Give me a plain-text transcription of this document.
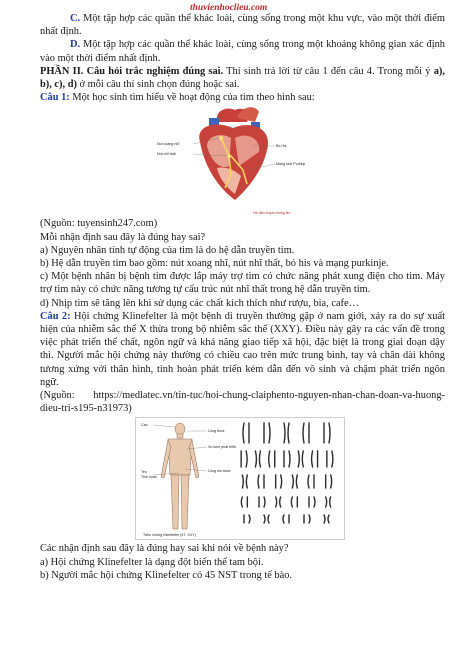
thuvienhoclieu.com

C. Một tập hợp các quần thể khác loài, cùng sống trong một khu vực, vào một thời điểm nhất định.

D. Một tập hợp các quần thể khác loài, cùng sống trong một khoảng không gian xác định vào một thời điểm nhất định.

PHẦN II. Câu hỏi trắc nghiệm đúng sai. Thí sinh trả lời từ câu 1 đến câu 4. Trong mỗi ý a), b), c), d) ở mỗi câu thí sinh chọn đúng hoặc sai.

Câu 1: Một học sinh tìm hiểu về hoạt động của tim theo hình sau:

Nút xoang nhĩ
Nút nhĩ thất
Bó His
Mạng lưới Purkinje
Hệ dẫn truyền trong tim

(Nguồn: tuyensinh247.com)

Mỗi nhận định sau đây là đúng hay sai?

a) Nguyên nhân tính tự động của tim là do hệ dẫn truyền tim.

b) Hệ dẫn truyền tim bao gồm: nút xoang nhĩ, nút nhĩ thất, bó his và mạng purkinje.

c) Một bệnh nhân bị bệnh tim được lắp máy trợ tim có chức năng phát xung điện cho tim. Máy trợ tim này có chức năng tương tự cấu trúc nút nhĩ thất trong hệ dẫn truyền tim.

d) Nhịp tim sẽ tăng lên khi sử dụng các chất kích thích như rượu, bia, cafe…

Câu 2: Hội chứng Klinefelter là một bệnh di truyền thường gặp ở nam giới, xảy ra do sự xuất hiện của nhiễm sắc thể X thừa trong bộ nhiễm sắc thể (XXY). Điều này gây ra các vấn đề trong việc phát triển thể chất, ngôn ngữ và khả năng giao tiếp xã hội, đặc biệt là trong giai đoạn dậy thì. Người mắc hội chứng này thường có chiều cao trên mức trung bình, tay và chân dài không tương xứng với thân hình, tinh hoàn phát triển kém dẫn đến vô sinh và chậm phát triển ngôn ngữ.

(Nguồn: https://medlatec.vn/tin-tuc/hoi-chung-claiphento-nguyen-nhan-chan-doan-va-huong-dieu-tri-s195-n31973)

Cao
Teo
Tinh hoàn
Lông thưa
Vú kém phát triển
Lông mu thưa
Triệu chứng Klinefelter (47, XXY)

Các nhận định sau đây là đúng hay sai khi nói về bệnh này?

a) Hội chứng Klinefelter là dạng đột biến thể tam bội.

b) Người mắc hội chứng Klinefelter có 45 NST trong tế bào.
